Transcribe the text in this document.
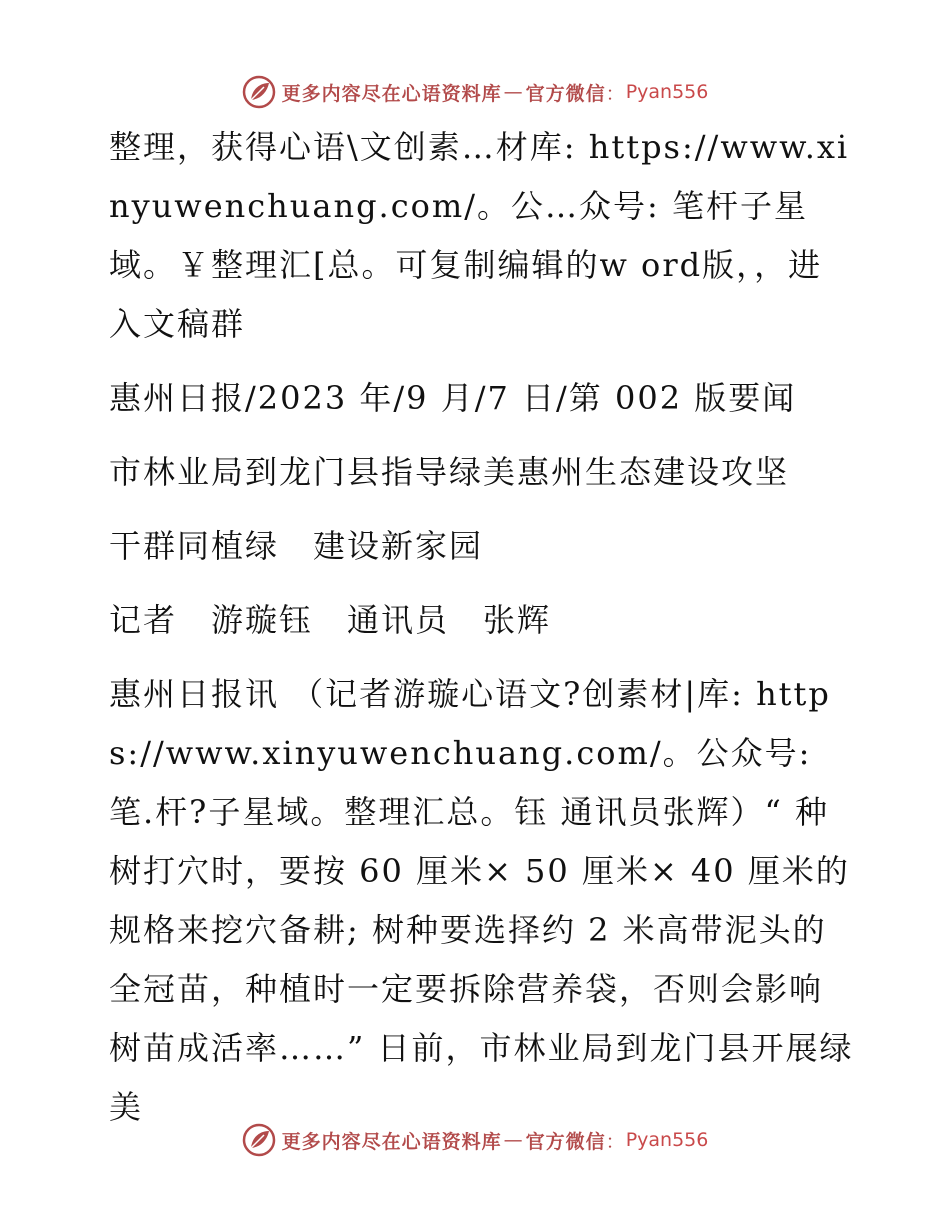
更多内容尽在心语资料库 — 官方微信 ： Pyan556

整理，获得心语\文创素…材库: https://www.xinyuwenchuang.com/。公…众号: 笔杆子星域。￥整理汇[总。可复制编辑的w ord版，，进入文稿群

惠州日报/2023 年/9 月/7 日/第 002 版要闻

市林业局到龙门县指导绿美惠州生态建设攻坚

干群同植绿　建设新家园

记者　游璇钰　通讯员　张辉

惠州日报讯 （记者游璇心语文?创素材|库: https://www.xinyuwenchuang.com/。公众号: 笔.杆?子星域。整理汇总。钰 通讯员张辉）“ 种树打穴时，要按 60 厘米× 50 厘米× 40 厘米的规格来挖穴备耕; 树种要选择约 2 米高带泥头的全冠苗，种植时一定要拆除营养袋，否则会影响树苗成活率……” 日前，市林业局到龙门县开展绿美

更多内容尽在心语资料库 — 官方微信 ： Pyan556
